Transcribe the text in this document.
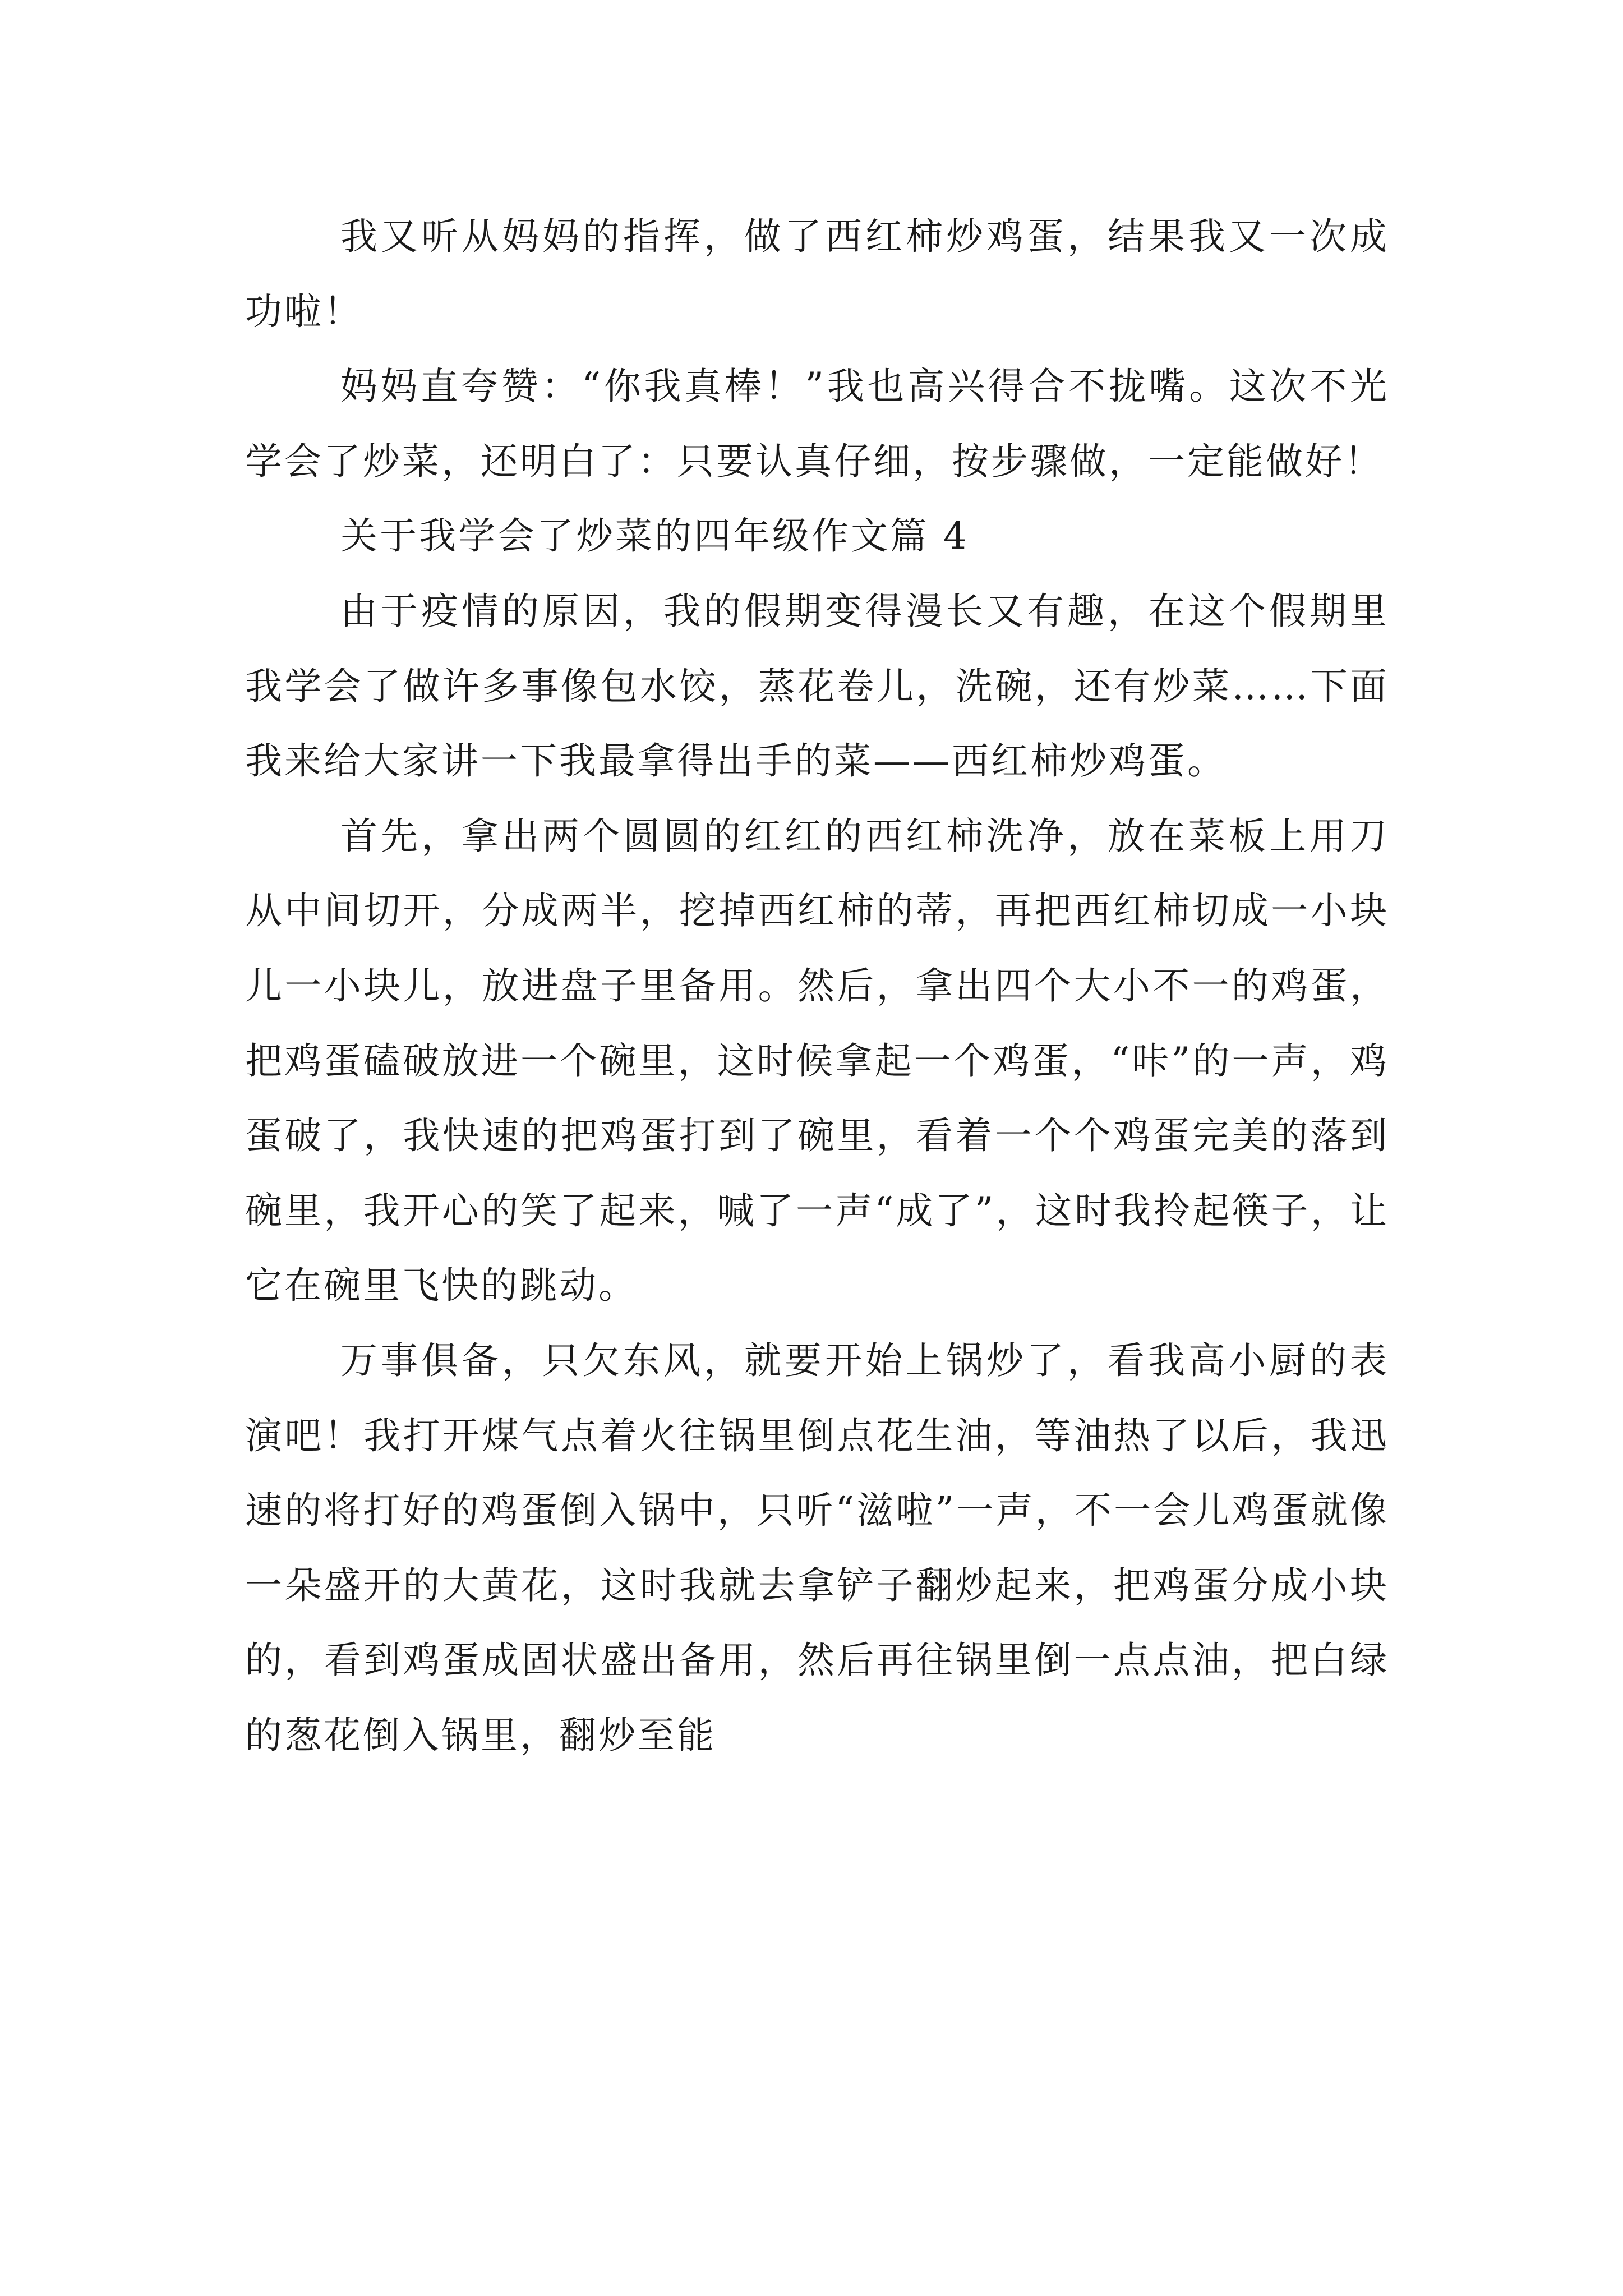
我又听从妈妈的指挥，做了西红柿炒鸡蛋，结果我又一次成功啦！

妈妈直夸赞：“你我真棒！”我也高兴得合不拢嘴。这次不光学会了炒菜，还明白了：只要认真仔细，按步骤做，一定能做好！

关于我学会了炒菜的四年级作文篇 4

由于疫情的原因，我的假期变得漫长又有趣，在这个假期里我学会了做许多事像包水饺，蒸花卷儿，洗碗，还有炒菜……下面我来给大家讲一下我最拿得出手的菜——西红柿炒鸡蛋。

首先，拿出两个圆圆的红红的西红柿洗净，放在菜板上用刀从中间切开，分成两半，挖掉西红柿的蒂，再把西红柿切成一小块儿一小块儿，放进盘子里备用。然后，拿出四个大小不一的鸡蛋，把鸡蛋磕破放进一个碗里，这时候拿起一个鸡蛋，“咔”的一声，鸡蛋破了，我快速的把鸡蛋打到了碗里，看着一个个鸡蛋完美的落到碗里，我开心的笑了起来，喊了一声“成了”，这时我拎起筷子，让它在碗里飞快的跳动。

万事俱备，只欠东风，就要开始上锅炒了，看我高小厨的表演吧！我打开煤气点着火往锅里倒点花生油，等油热了以后，我迅速的将打好的鸡蛋倒入锅中，只听“滋啦”一声，不一会儿鸡蛋就像一朵盛开的大黄花，这时我就去拿铲子翻炒起来，把鸡蛋分成小块的，看到鸡蛋成固状盛出备用，然后再往锅里倒一点点油，把白绿的葱花倒入锅里，翻炒至能
